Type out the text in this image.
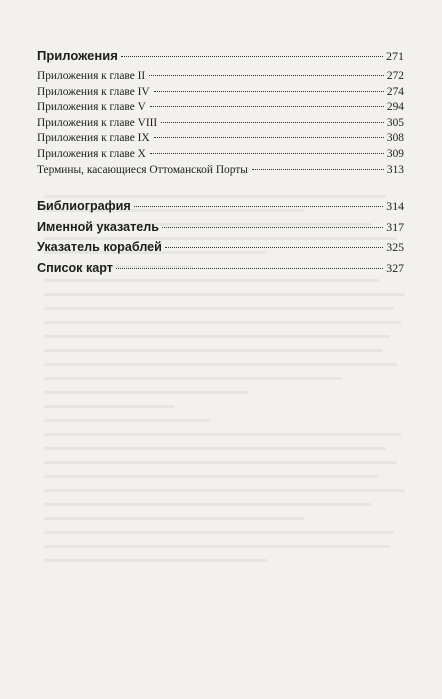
Приложения	271
Приложения к главе II	272
Приложения к главе IV	274
Приложения к главе V	294
Приложения к главе VIII	305
Приложения к главе IX	308
Приложения к главе X	309
Термины, касающиеся Оттоманской Порты	313
Библиография	314
Именной указатель	317
Указатель кораблей	325
Список карт	327
